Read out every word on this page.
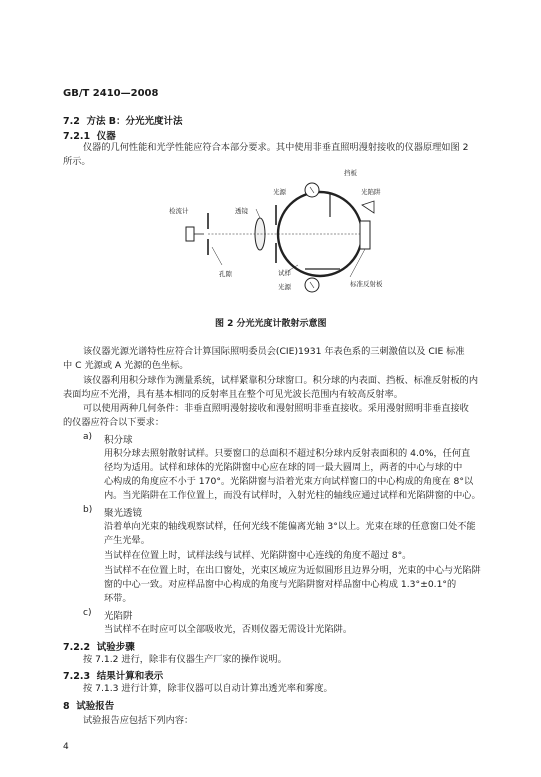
GB/T 2410—2008
7.2 方法 B：分光光度计法
7.2.1 仪器
仪器的几何性能和光学性能应符合本部分要求。其中使用非垂直照明漫射接收的仪器原理如图 2
所示。
检流计	透镜
孔隙
光源
挡板
光陷阱
试样
光源	标准反射板
图 2 分光光度计散射示意图
该仪器光源光谱特性应符合计算国际照明委员会(CIE)1931 年表色系的三刺激值以及 CIE 标准
中 C 光源或 A 光源的色坐标。
该仪器利用积分球作为测量系统，试样紧靠积分球窗口。积分球的内表面、挡板、标准反射板的内
表面均应不光滑，具有基本相同的反射率且在整个可见光波长范围内有较高反射率。
可以使用两种几何条件：非垂直照明漫射接收和漫射照明非垂直接收。采用漫射照明非垂直接收
的仪器应符合以下要求：
a) 积分球
用积分球去照射散射试样。只要窗口的总面积不超过积分球内反射表面积的 4.0%，任何直
径均为适用。试样和球体的光陷阱窗中心应在球的同一最大圆周上，两者的中心与球的中
心构成的角度应不小于 170°。光陷阱窗与沿着光束方向试样窗口的中心构成的角度在 8°以
内。当光陷阱在工作位置上，而没有试样时，入射光柱的轴线应通过试样和光陷阱窗的中心。
b) 聚光透镜
沿着单向光束的轴线观察试样，任何光线不能偏离光轴 3°以上。光束在球的任意窗口处不能
产生光晕。
当试样在位置上时，试样法线与试样、光陷阱窗中心连线的角度不超过 8°。
当试样不在位置上时，在出口窗处，光束区域应为近似圆形且边界分明，光束的中心与光陷阱
窗的中心一致。对应样品窗中心构成的角度与光陷阱窗对样品窗中心构成 1.3°±0.1°的
环带。
c) 光陷阱
当试样不在时应可以全部吸收光，否则仪器无需设计光陷阱。
7.2.2 试验步骤
按 7.1.2 进行，除非有仪器生产厂家的操作说明。
7.2.3 结果计算和表示
按 7.1.3 进行计算，除非仪器可以自动计算出透光率和雾度。
8 试验报告
试验报告应包括下列内容：
4
